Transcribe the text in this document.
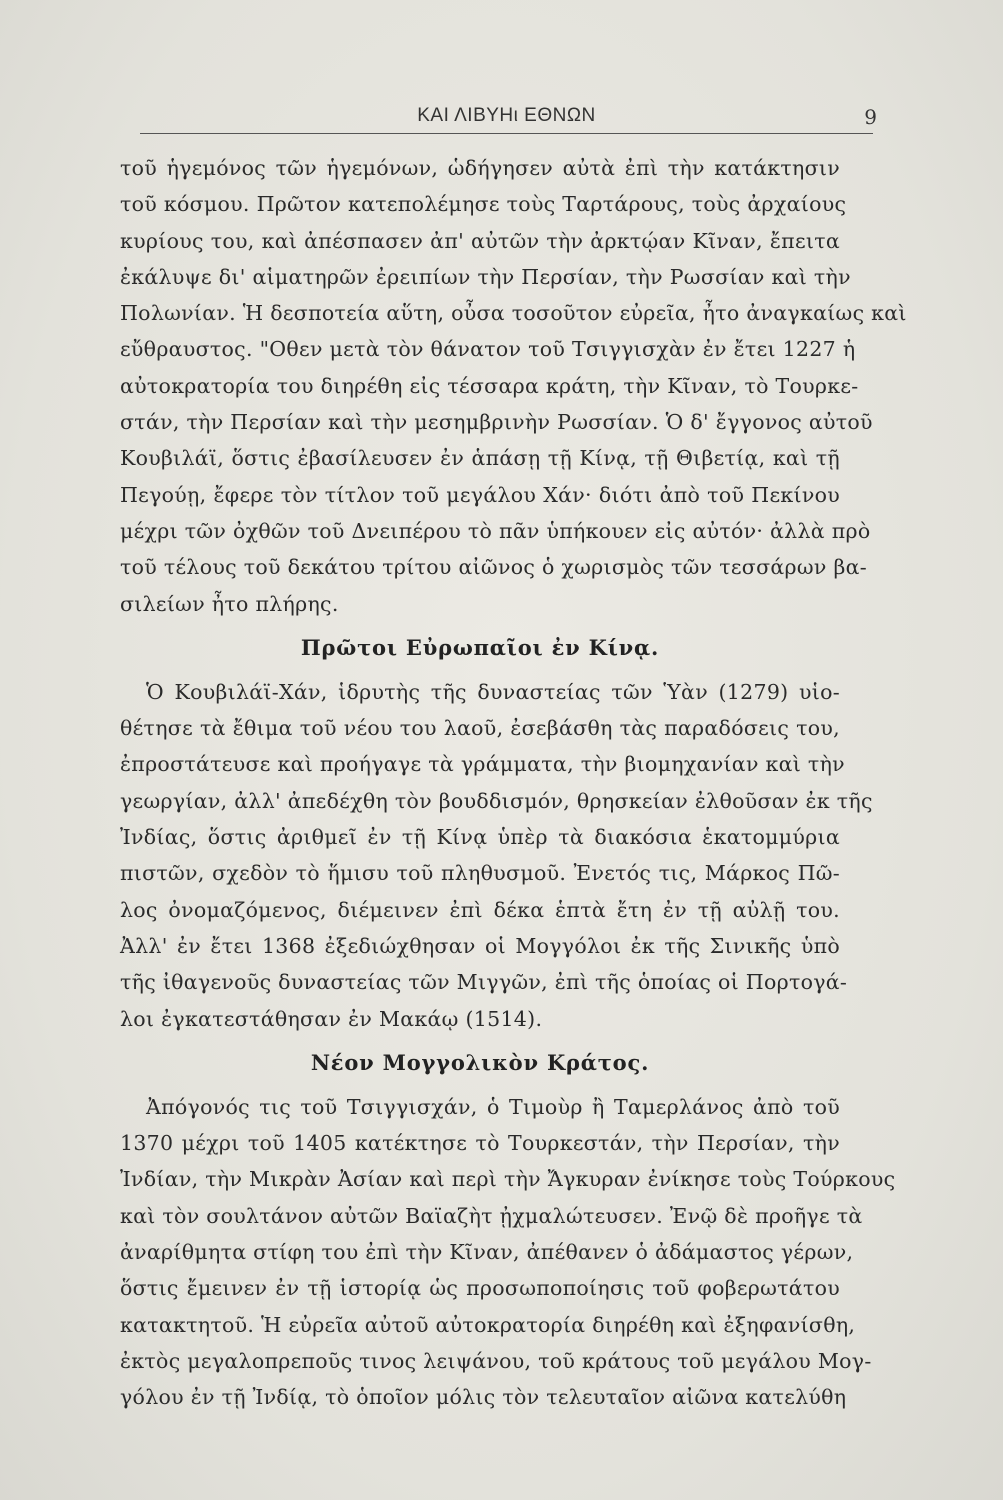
ΚΑΙ ΛΙΒΥΗι ΕΘΝΩΝ	9
τοῦ ἡγεμόνος τῶν ἡγεμόνων, ὡδήγησεν αὐτὰ ἐπὶ τὴν κατάκτησιν
τοῦ κόσμου. Πρῶτον κατεπολέμησε τοὺς Ταρτάρους, τοὺς ἀρχαίους
κυρίους του, καὶ ἀπέσπασεν ἀπ' αὐτῶν τὴν ἀρκτῴαν Κῖναν, ἔπειτα
ἐκάλυψε δι' αἱματηρῶν ἐρειπίων τὴν Περσίαν, τὴν Ρωσσίαν καὶ τὴν
Πολωνίαν. Ἡ δεσποτεία αὕτη, οὖσα τοσοῦτον εὐρεῖα, ἦτο ἀναγκαίως καὶ
εὔθραυστος. "Οθεν μετὰ τὸν θάνατον τοῦ Τσιγγισχὰν ἐν ἔτει 1227 ἡ
αὐτοκρατορία του διηρέθη εἰς τέσσαρα κράτη, τὴν Κῖναν, τὸ Τουρκε-
στάν, τὴν Περσίαν καὶ τὴν μεσημβρινὴν Ρωσσίαν. Ὁ δ' ἔγγονος αὐτοῦ
Κουβιλάϊ, ὅστις ἐβασίλευσεν ἐν ἁπάσῃ τῇ Κίνᾳ, τῇ Θιβετίᾳ, καὶ τῇ
Πεγούῃ, ἔφερε τὸν τίτλον τοῦ μεγάλου Χάν· διότι ἀπὸ τοῦ Πεκίνου
μέχρι τῶν ὀχθῶν τοῦ Δνειπέρου τὸ πᾶν ὑπήκουεν εἰς αὐτόν· ἀλλὰ πρὸ
τοῦ τέλους τοῦ δεκάτου τρίτου αἰῶνος ὁ χωρισμὸς τῶν τεσσάρων βα-
σιλείων ἦτο πλήρης.
Πρῶτοι Εὐρωπαῖοι ἐν Κίνᾳ.
Ὁ Κουβιλάϊ-Χάν, ἱδρυτὴς τῆς δυναστείας τῶν Ὑὰν (1279) υἱο-
θέτησε τὰ ἔθιμα τοῦ νέου του λαοῦ, ἐσεβάσθη τὰς παραδόσεις του,
ἐπροστάτευσε καὶ προήγαγε τὰ γράμματα, τὴν βιομηχανίαν καὶ τὴν
γεωργίαν, ἀλλ' ἀπεδέχθη τὸν βουδδισμόν, θρησκείαν ἐλθοῦσαν ἐκ τῆς
Ἰνδίας, ὅστις ἀριθμεῖ ἐν τῇ Κίνᾳ ὑπὲρ τὰ διακόσια ἑκατομμύρια
πιστῶν, σχεδὸν τὸ ἥμισυ τοῦ πληθυσμοῦ. Ἐνετός τις, Μάρκος Πῶ-
λος ὀνομαζόμενος, διέμεινεν ἐπὶ δέκα ἑπτὰ ἔτη ἐν τῇ αὐλῇ του.
Ἀλλ' ἐν ἔτει 1368 ἐξεδιώχθησαν οἱ Μογγόλοι ἐκ τῆς Σινικῆς ὑπὸ
τῆς ἰθαγενοῦς δυναστείας τῶν Μιγγῶν, ἐπὶ τῆς ὁποίας οἱ Πορτογά-
λοι ἐγκατεστάθησαν ἐν Μακάῳ (1514).
Νέον Μογγολικὸν Κράτος.
Ἀπόγονός τις τοῦ Τσιγγισχάν, ὁ Τιμοὺρ ἢ Ταμερλάνος ἀπὸ τοῦ
1370 μέχρι τοῦ 1405 κατέκτησε τὸ Τουρκεστάν, τὴν Περσίαν, τὴν
Ἰνδίαν, τὴν Μικρὰν Ἀσίαν καὶ περὶ τὴν Ἄγκυραν ἐνίκησε τοὺς Τούρκους
καὶ τὸν σουλτάνον αὐτῶν Βαϊαζὴτ ᾐχμαλώτευσεν. Ἐνῷ δὲ προῆγε τὰ
ἀναρίθμητα στίφη του ἐπὶ τὴν Κῖναν, ἀπέθανεν ὁ ἀδάμαστος γέρων,
ὅστις ἔμεινεν ἐν τῇ ἱστορίᾳ ὡς προσωποποίησις τοῦ φοβερωτάτου
κατακτητοῦ. Ἡ εὐρεῖα αὐτοῦ αὐτοκρατορία διηρέθη καὶ ἐξηφανίσθη,
ἐκτὸς μεγαλοπρεποῦς τινος λειψάνου, τοῦ κράτους τοῦ μεγάλου Μογ-
γόλου ἐν τῇ Ἰνδίᾳ, τὸ ὁποῖον μόλις τὸν τελευταῖον αἰῶνα κατελύθη
